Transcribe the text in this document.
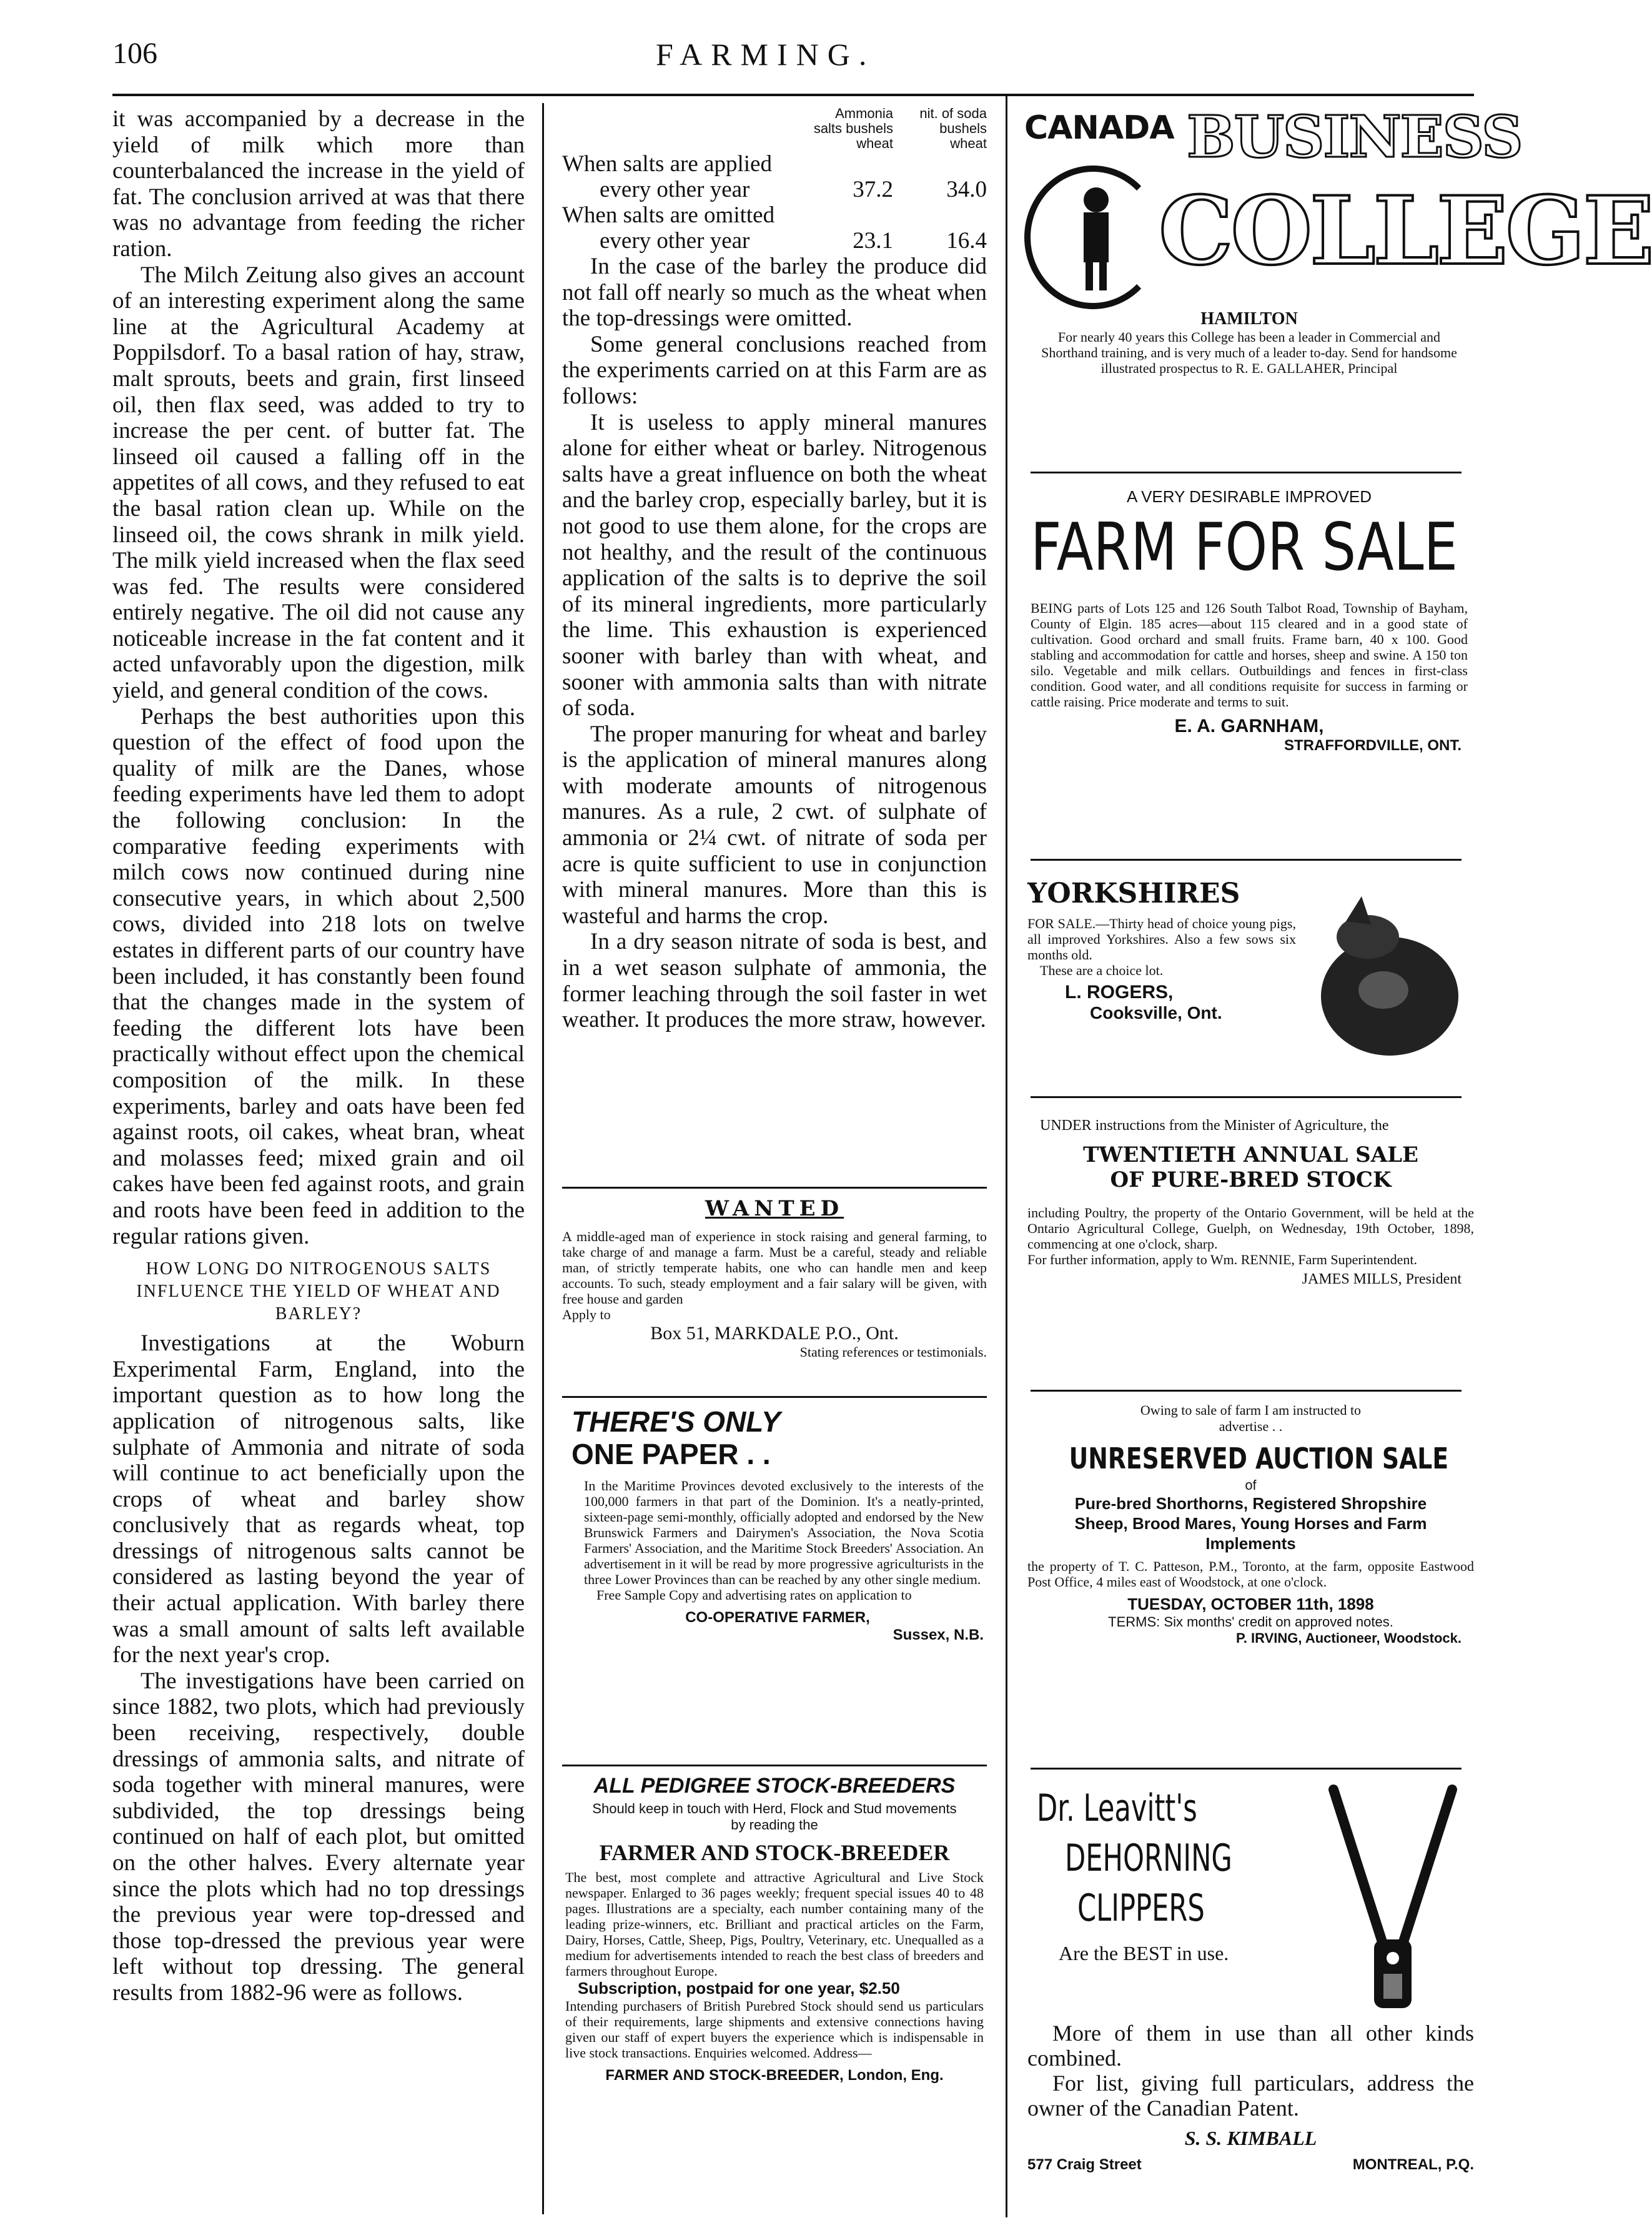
106	FARMING.

it was accompanied by a decrease in the yield of milk which more than counterbalanced the increase in the yield of fat. The conclusion arrived at was that there was no advantage from feeding the richer ration.

The Milch Zeitung also gives an account of an interesting experiment along the same line at the Agricultural Academy at Poppilsdorf. To a basal ration of hay, straw, malt sprouts, beets and grain, first linseed oil, then flax seed, was added to try to increase the per cent. of butter fat. The linseed oil caused a falling off in the appetites of all cows, and they refused to eat the basal ration clean up. While on the linseed oil, the cows shrank in milk yield. The milk yield increased when the flax seed was fed. The results were considered entirely negative. The oil did not cause any noticeable increase in the fat content and it acted unfavorably upon the digestion, milk yield, and general condition of the cows.

Perhaps the best authorities upon this question of the effect of food upon the quality of milk are the Danes, whose feeding experiments have led them to adopt the following conclusion: In the comparative feeding experiments with milch cows now continued during nine consecutive years, in which about 2,500 cows, divided into 218 lots on twelve estates in different parts of our country have been included, it has constantly been found that the changes made in the system of feeding the different lots have been practically without effect upon the chemical composition of the milk. In these experiments, barley and oats have been fed against roots, oil cakes, wheat bran, wheat and molasses feed; mixed grain and oil cakes have been fed against roots, and grain and roots have been feed in addition to the regular rations given.

HOW LONG DO NITROGENOUS SALTS INFLUENCE THE YIELD OF WHEAT AND BARLEY?

Investigations at the Woburn Experimental Farm, England, into the important question as to how long the application of nitrogenous salts, like sulphate of Ammonia and nitrate of soda will continue to act beneficially upon the crops of wheat and barley show conclusively that as regards wheat, top dressings of nitrogenous salts cannot be considered as lasting beyond the year of their actual application. With barley there was a small amount of salts left available for the next year's crop.

The investigations have been carried on since 1882, two plots, which had previously been receiving, respectively, double dressings of ammonia salts, and nitrate of soda together with mineral manures, were subdivided, the top dressings being continued on half of each plot, but omitted on the other halves. Every alternate year since the plots which had no top dressings the previous year were top-dressed and those top-dressed the previous year were left without top dressing. The general results from 1882-96 were as follows.

Ammonia salts bushels wheat
nit. of soda bushels wheat
When salts are applied
every other year	37.2	34.0
When salts are omitted
every other year	23.1	16.4

In the case of the barley the produce did not fall off nearly so much as the wheat when the top-dressings were omitted.

Some general conclusions reached from the experiments carried on at this Farm are as follows:

It is useless to apply mineral manures alone for either wheat or barley. Nitrogenous salts have a great influence on both the wheat and the barley crop, especially barley, but it is not good to use them alone, for the crops are not healthy, and the result of the continuous application of the salts is to deprive the soil of its mineral ingredients, more particularly the lime. This exhaustion is experienced sooner with barley than with wheat, and sooner with ammonia salts than with nitrate of soda.

The proper manuring for wheat and barley is the application of mineral manures along with moderate amounts of nitrogenous manures. As a rule, 2 cwt. of sulphate of ammonia or 2¼ cwt. of nitrate of soda per acre is quite sufficient to use in conjunction with mineral manures. More than this is wasteful and harms the crop.

In a dry season nitrate of soda is best, and in a wet season sulphate of ammonia, the former leaching through the soil faster in wet weather. It produces the more straw, however.

WANTED
A middle-aged man of experience in stock raising and general farming, to take charge of and manage a farm. Must be a careful, steady and reliable man, of strictly temperate habits, one who can handle men and keep accounts. To such, steady employment and a fair salary will be given, with free house and garden
Apply to
Box 51, MARKDALE P.O., Ont.
Stating references or testimonials.
THERE'S ONLY
ONE PAPER . .
In the Maritime Provinces devoted exclusively to the interests of the 100,000 farmers in that part of the Dominion. It's a neatly-printed, sixteen-page semi-monthly, officially adopted and endorsed by the New Brunswick Farmers and Dairymen's Association, the Nova Scotia Farmers' Association, and the Maritime Stock Breeders' Association. An advertisement in it will be read by more progressive agriculturists in the three Lower Provinces than can be reached by any other single medium.
Free Sample Copy and advertising rates on application to
CO-OPERATIVE FARMER,
Sussex, N.B.
ALL PEDIGREE STOCK-BREEDERS
Should keep in touch with Herd, Flock and Stud movements by reading the
FARMER AND STOCK-BREEDER
The best, most complete and attractive Agricultural and Live Stock newspaper. Enlarged to 36 pages weekly; frequent special issues 40 to 48 pages. Illustrations are a specialty, each number containing many of the leading prize-winners, etc. Brilliant and practical articles on the Farm, Dairy, Horses, Cattle, Sheep, Pigs, Poultry, Veterinary, etc. Unequalled as a medium for advertisements intended to reach the best class of breeders and farmers throughout Europe.
Subscription, postpaid for one year, $2.50
Intending purchasers of British Purebred Stock should send us particulars of their requirements, large shipments and extensive connections having given our staff of expert buyers the experience which is indispensable in live stock transactions. Enquiries welcomed. Address—
FARMER AND STOCK-BREEDER, London, Eng.
CANADA BUSINESS
COLLEGE
HAMILTON
For nearly 40 years this College has been a leader in Commercial and Shorthand training, and is very much of a leader to-day. Send for handsome illustrated prospectus to R. E. GALLAHER, Principal
A VERY DESIRABLE IMPROVED
FARM FOR SALE
BEING parts of Lots 125 and 126 South Talbot Road, Township of Bayham, County of Elgin. 185 acres—about 115 cleared and in a good state of cultivation. Good orchard and small fruits. Frame barn, 40 x 100. Good stabling and accommodation for cattle and horses, sheep and swine. A 150 ton silo. Vegetable and milk cellars. Outbuildings and fences in first-class condition. Good water, and all conditions requisite for success in farming or cattle raising. Price moderate and terms to suit.
E. A. GARNHAM,
STRAFFORDVILLE, ONT.
YORKSHIRES
FOR SALE.—Thirty head of choice young pigs, all improved Yorkshires. Also a few sows six months old.
These are a choice lot.
L. ROGERS,
Cooksville, Ont.
UNDER instructions from the Minister of Agriculture, the
TWENTIETH ANNUAL SALE
OF PURE-BRED STOCK
including Poultry, the property of the Ontario Government, will be held at the Ontario Agricultural College, Guelph, on Wednesday, 19th October, 1898, commencing at one o'clock, sharp.
For further information, apply to Wm. RENNIE, Farm Superintendent.
JAMES MILLS, President
Owing to sale of farm I am instructed to advertise . .
UNRESERVED AUCTION SALE
of
Pure-bred Shorthorns, Registered Shropshire Sheep, Brood Mares, Young Horses and Farm Implements
the property of T. C. Patteson, P.M., Toronto, at the farm, opposite Eastwood Post Office, 4 miles east of Woodstock, at one o'clock.
TUESDAY, OCTOBER 11th, 1898
TERMS: Six months' credit on approved notes.
P. IRVING, Auctioneer, Woodstock.
Dr. Leavitt's
DEHORNING
CLIPPERS
Are the BEST in use.
More of them in use than all other kinds combined.
For list, giving full particulars, address the owner of the Canadian Patent.
S. S. KIMBALL
577 Craig Street	MONTREAL, P.Q.
